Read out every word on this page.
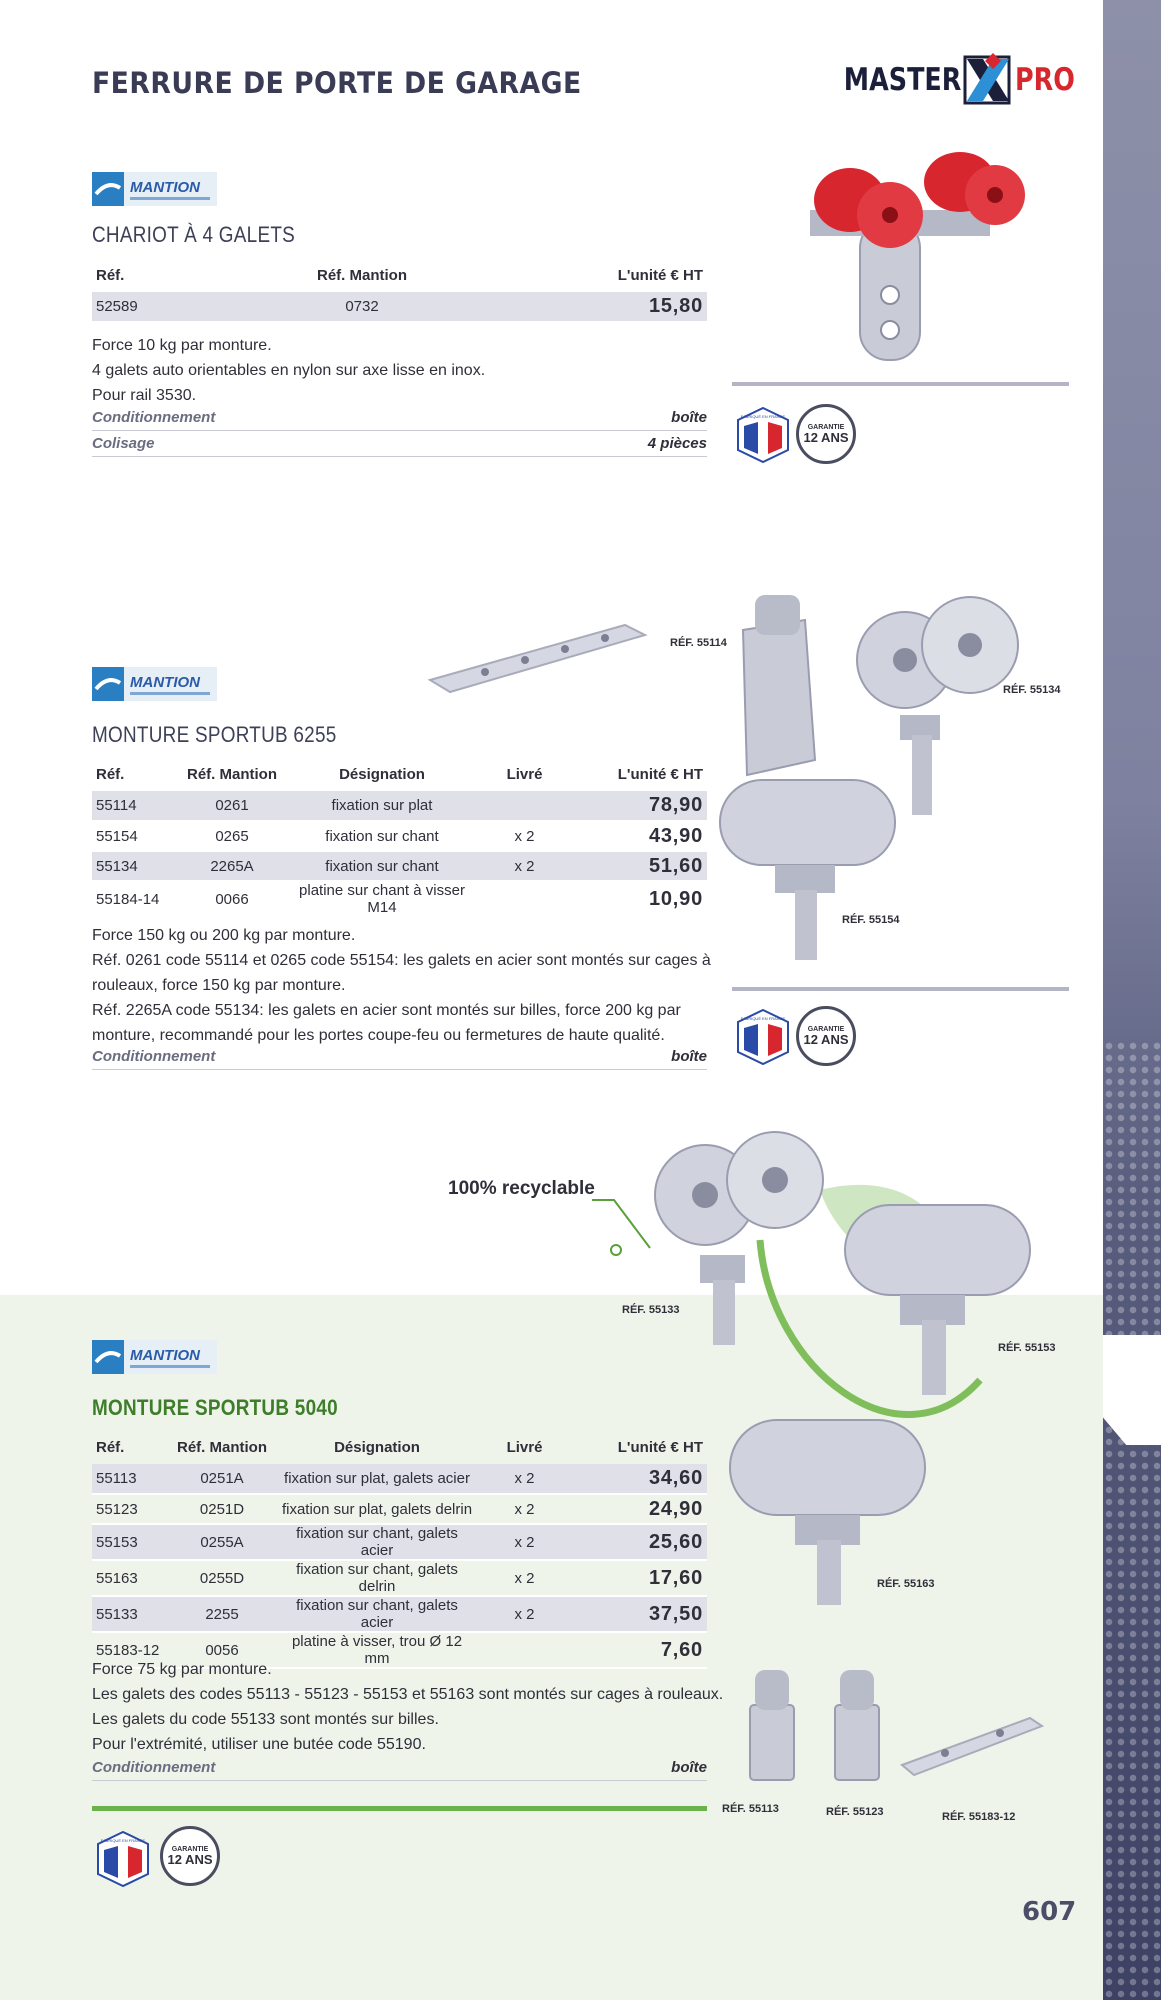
FERRURE DE PORTE DE GARAGE	MASTER PRO
MANTION
CHARIOT À 4 GALETS
Réf.	Réf. Mantion	L'unité € HT
52589	0732	15,80
Force 10 kg par monture.
4 galets auto orientables en nylon sur axe lisse en inox.
Pour rail 3530.
Conditionnement	boîte
Colisage	4 pièces
FABRIQUÉ EN FRANCE
GARANTIE
12 ANS
RÉF. 55114
MANTION
MONTURE SPORTUB 6255
Réf.	Réf. Mantion	Désignation	Livré	L'unité € HT
55114	0261	fixation sur plat		78,90
55154	0265	fixation sur chant	x 2	43,90
55134	2265A	fixation sur chant	x 2	51,60
55184-14	0066	platine sur chant à visser M14		10,90
Force 150 kg ou 200 kg par monture.
Réf. 0261 code 55114 et 0265 code 55154: les galets en acier sont montés sur cages à
rouleaux, force 150 kg par monture.
Réf. 2265A code 55134: les galets en acier sont montés sur billes, force 200 kg par
monture, recommandé pour les portes coupe-feu ou fermetures de haute qualité.
Conditionnement	boîte
RÉF. 55134
RÉF. 55154
FABRIQUÉ EN FRANCE
GARANTIE
12 ANS
100% recyclable
RÉF. 55133
RÉF. 55153
RÉF. 55163
MANTION
MONTURE SPORTUB 5040
Réf.	Réf. Mantion	Désignation	Livré	L'unité € HT
55113	0251A	fixation sur plat, galets acier	x 2	34,60
55123	0251D	fixation sur plat, galets delrin	x 2	24,90
55153	0255A	fixation sur chant, galets acier	x 2	25,60
55163	0255D	fixation sur chant, galets delrin	x 2	17,60
55133	2255	fixation sur chant, galets acier	x 2	37,50
55183-12	0056	platine à visser, trou Ø 12 mm		7,60
Force 75 kg par monture.
Les galets des codes 55113 - 55123 - 55153 et 55163 sont montés sur cages à rouleaux.
Les galets du code 55133 sont montés sur billes.
Pour l'extrémité, utiliser une butée code 55190.
Conditionnement	boîte
FABRIQUÉ EN FRANCE
GARANTIE
12 ANS
RÉF. 55113	RÉF. 55123	RÉF. 55183-12
607
